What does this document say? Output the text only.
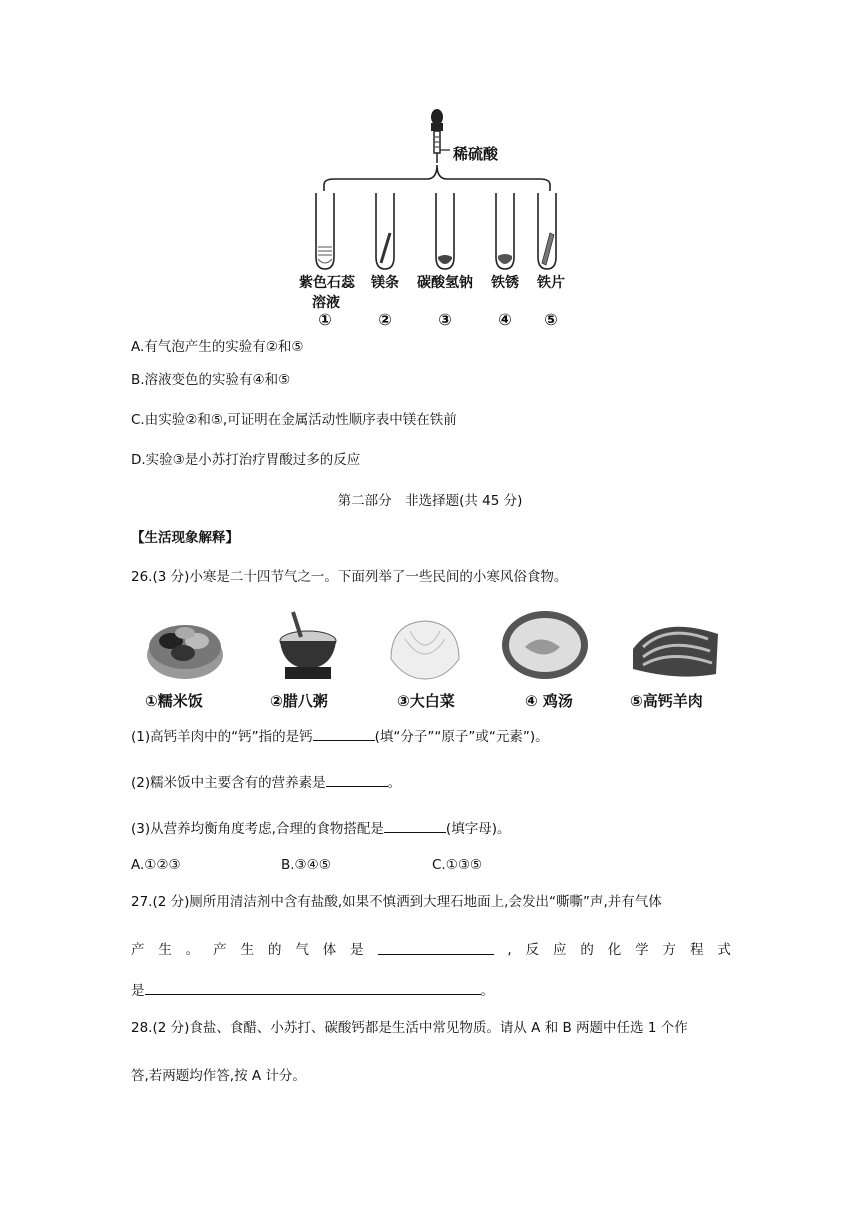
稀硫酸
紫色石蕊
溶液
镁条	碳酸氢钠	铁锈	铁片
①	②	③	④	⑤
A.有气泡产生的实验有②和⑤
B.溶液变色的实验有④和⑤
C.由实验②和⑤,可证明在金属活动性顺序表中镁在铁前
D.实验③是小苏打治疗胃酸过多的反应
第二部分　非选择题(共 45 分)
【生活现象解释】
26.(3 分)小寒是二十四节气之一。下面列举了一些民间的小寒风俗食物。
①糯米饭	②腊八粥	③大白菜	④ 鸡汤	⑤高钙羊肉
(1)高钙羊肉中的“钙”指的是钙	(填“分子”“原子”或“元素”)。
(2)糯米饭中主要含有的营养素是	。
(3)从营养均衡角度考虑,合理的食物搭配是	(填字母)。
A.①②③	B.③④⑤	C.①③⑤
27.(2 分)厕所用清洁剂中含有盐酸,如果不慎洒到大理石地面上,会发出“嘶嘶”声,并有气体
产 生 。 产 生 的 气 体 是	, 反 应 的 化 学 方 程 式
是	。
28.(2 分)食盐、食醋、小苏打、碳酸钙都是生活中常见物质。请从 A 和 B 两题中任选 1 个作
答,若两题均作答,按 A 计分。
